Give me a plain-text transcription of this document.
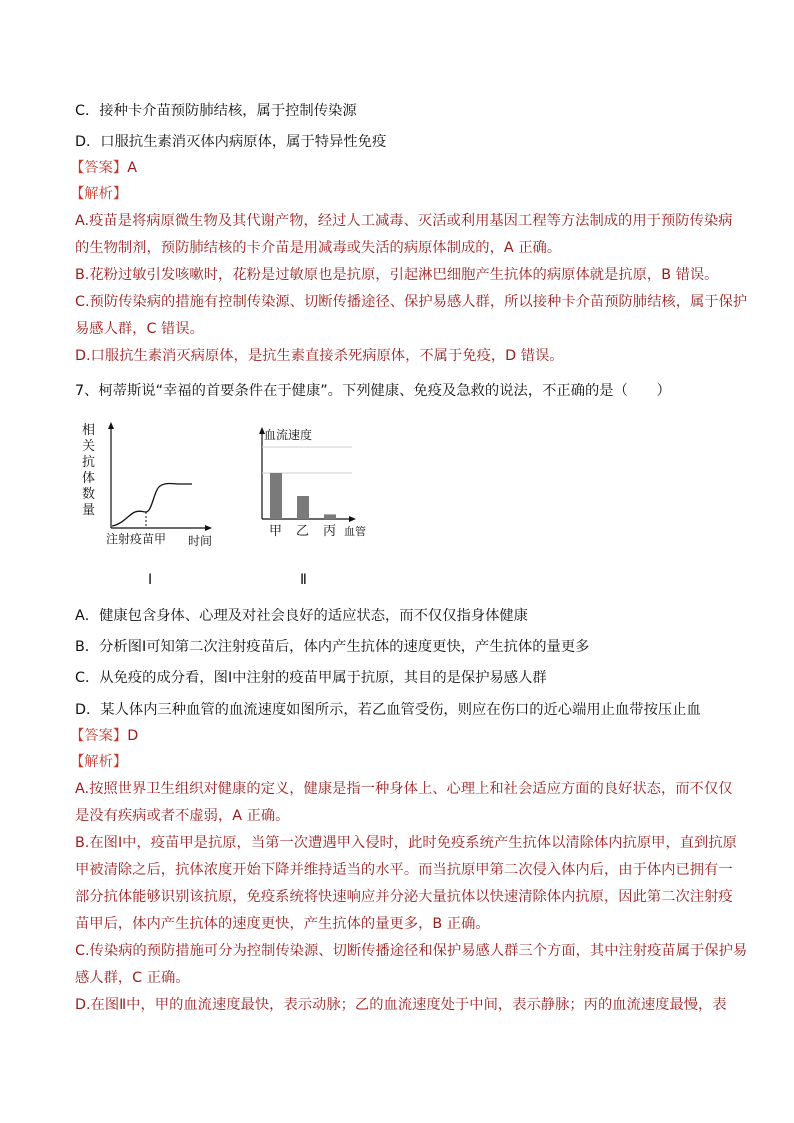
C．接种卡介苗预防肺结核，属于控制传染源
D．口服抗生素消灭体内病原体，属于特异性免疫
【答案】A
【解析】
A.疫苗是将病原微生物及其代谢产物，经过人工减毒、灭活或利用基因工程等方法制成的用于预防传染病
的生物制剂，预防肺结核的卡介苗是用减毒或失活的病原体制成的，A 正确。
B.花粉过敏引发咳嗽时，花粉是过敏原也是抗原，引起淋巴细胞产生抗体的病原体就是抗原，B 错误。
C.预防传染病的措施有控制传染源、切断传播途径、保护易感人群，所以接种卡介苗预防肺结核，属于保护
易感人群，C 错误。
D.口服抗生素消灭病原体，是抗生素直接杀死病原体，不属于免疫，D 错误。
7、柯蒂斯说“幸福的首要条件在于健康”。下列健康、免疫及急救的说法，不正确的是（　　）
相
关
抗
体
数
量
注射疫苗甲 时间
Ⅰ
血流速度
甲 乙 丙 血管
Ⅱ
A．健康包含身体、心理及对社会良好的适应状态，而不仅仅指身体健康
B．分析图Ⅰ可知第二次注射疫苗后，体内产生抗体的速度更快，产生抗体的量更多
C．从免疫的成分看，图Ⅰ中注射的疫苗甲属于抗原，其目的是保护易感人群
D．某人体内三种血管的血流速度如图所示，若乙血管受伤，则应在伤口的近心端用止血带按压止血
【答案】D
【解析】
A.按照世界卫生组织对健康的定义，健康是指一种身体上、心理上和社会适应方面的良好状态，而不仅仅
是没有疾病或者不虚弱，A 正确。
B.在图Ⅰ中，疫苗甲是抗原，当第一次遭遇甲入侵时，此时免疫系统产生抗体以清除体内抗原甲，直到抗原
甲被清除之后，抗体浓度开始下降并维持适当的水平。而当抗原甲第二次侵入体内后，由于体内已拥有一
部分抗体能够识别该抗原，免疫系统将快速响应并分泌大量抗体以快速清除体内抗原，因此第二次注射疫
苗甲后，体内产生抗体的速度更快，产生抗体的量更多，B 正确。
C.传染病的预防措施可分为控制传染源、切断传播途径和保护易感人群三个方面，其中注射疫苗属于保护易
感人群，C 正确。
D.在图Ⅱ中，甲的血流速度最快，表示动脉；乙的血流速度处于中间，表示静脉；丙的血流速度最慢，表
